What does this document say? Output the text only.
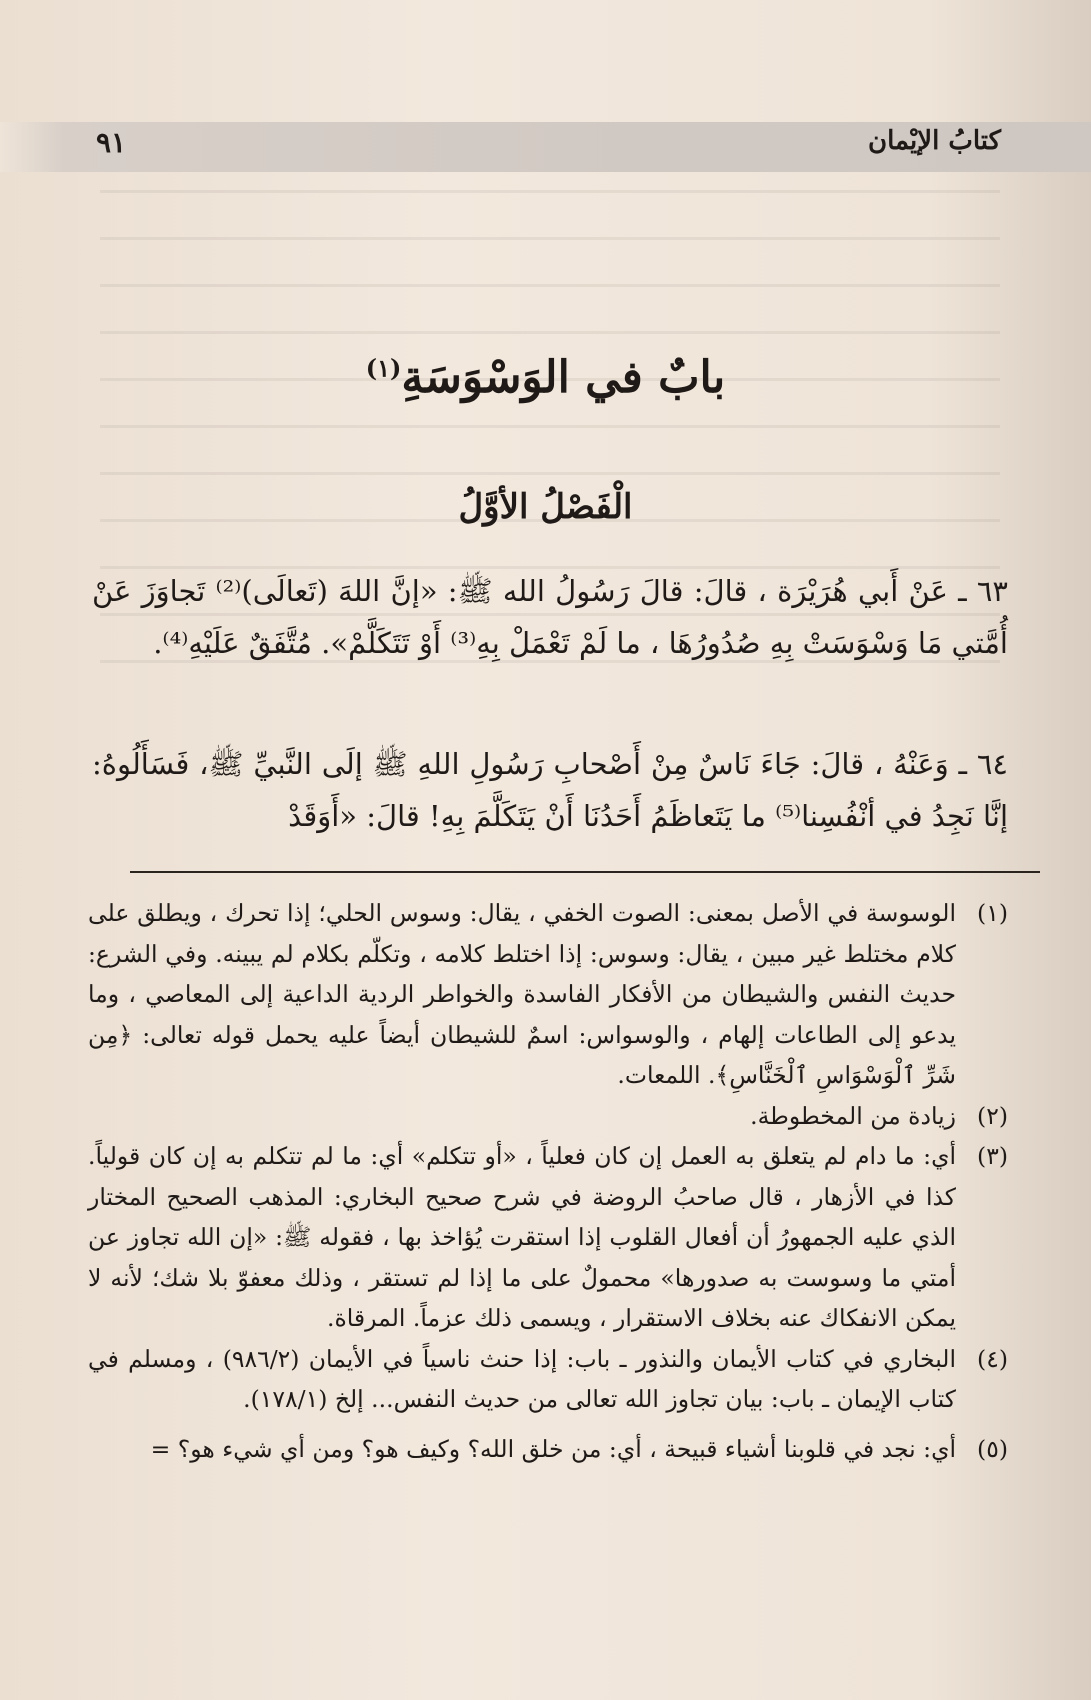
كتابُ الإيْمان
٩١
بابٌ في الوَسْوَسَةِ$^{(١)}$
الْفَصْلُ الأوَّلُ
٦٣ ـ عَنْ أَبي هُرَيْرَة ، قالَ: قالَ رَسُولُ الله ﷺ: «إنَّ اللهَ (تَعالَى)⁽²⁾ تَجاوَزَ عَنْ أُمَّتي مَا وَسْوَسَتْ بِهِ صُدُورُهَا ، ما لَمْ تَعْمَلْ بِهِ⁽³⁾ أَوْ تَتَكَلَّمْ». مُتَّفَقٌ عَلَيْهِ⁽⁴⁾.
٦٤ ـ وَعَنْهُ ، قالَ: جَاءَ نَاسٌ مِنْ أَصْحابِ رَسُولِ اللهِ ﷺ إلَى النَّبيِّ ﷺ، فَسَأَلُوهُ: إنَّا نَجِدُ في أنْفُسِنا⁽⁵⁾ ما يَتَعاظَمُ أَحَدُنَا أَنْ يَتَكَلَّمَ بِهِ! قالَ: «أَوَقَدْ
(١)
الوسوسة في الأصل بمعنى: الصوت الخفي ، يقال: وسوس الحلي؛ إذا تحرك ، ويطلق على كلام مختلط غير مبين ، يقال: وسوس: إذا اختلط كلامه ، وتكلّم بكلام لم يبينه. وفي الشرع: حديث النفس والشيطان من الأفكار الفاسدة والخواطر الردية الداعية إلى المعاصي ، وما يدعو إلى الطاعات إلهام ، والوسواس: اسمٌ للشيطان أيضاً عليه يحمل قوله تعالى: ﴿مِن شَرِّ ٱلْوَسْوَاسِ ٱلْخَنَّاسِ﴾. اللمعات.
(٢)
زيادة من المخطوطة.
(٣)
أي: ما دام لم يتعلق به العمل إن كان فعلياً ، «أو تتكلم» أي: ما لم تتكلم به إن كان قولياً. كذا في الأزهار ، قال صاحبُ الروضة في شرح صحيح البخاري: المذهب الصحيح المختار الذي عليه الجمهورُ أن أفعال القلوب إذا استقرت يُؤاخذ بها ، فقوله ﷺ: «إن الله تجاوز عن أمتي ما وسوست به صدورها» محمولٌ على ما إذا لم تستقر ، وذلك معفوّ بلا شك؛ لأنه لا يمكن الانفكاك عنه بخلاف الاستقرار ، ويسمى ذلك عزماً. المرقاة.
(٤)
البخاري في كتاب الأيمان والنذور ـ باب: إذا حنث ناسياً في الأيمان (٩٨٦/٢) ، ومسلم في كتاب الإيمان ـ باب: بيان تجاوز الله تعالى من حديث النفس... إلخ (١٧٨/١).
(٥)
أي: نجد في قلوبنا أشياء قبيحة ، أي: من خلق الله؟ وكيف هو؟ ومن أي شيء هو؟ =
